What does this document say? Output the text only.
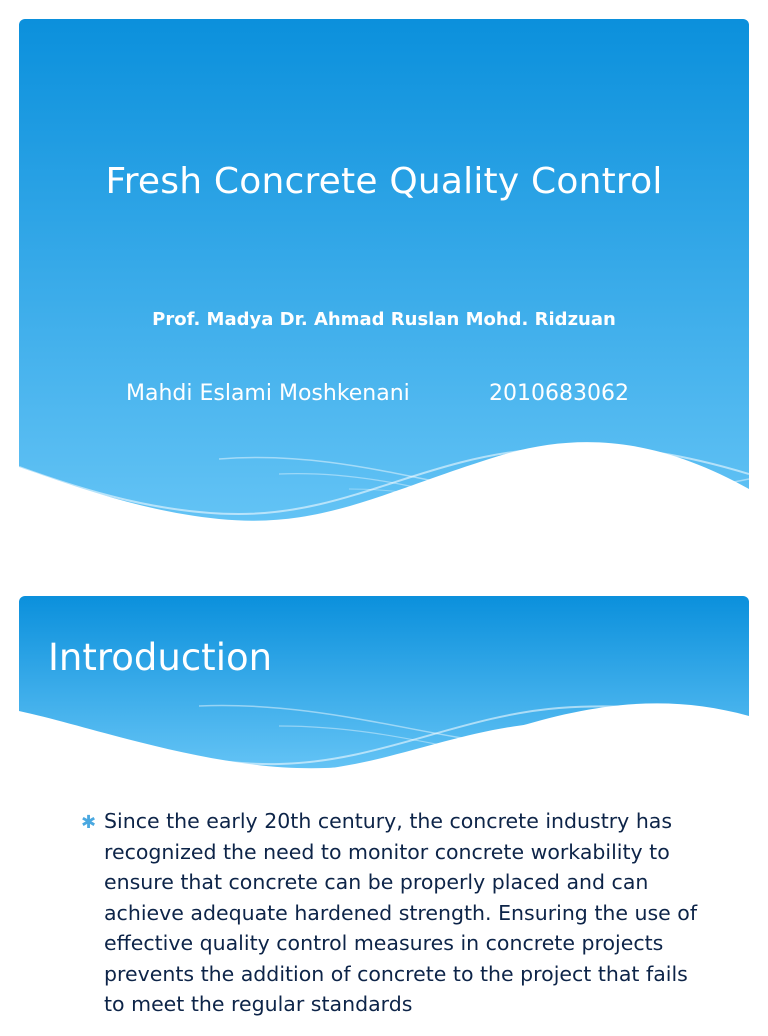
Fresh Concrete Quality Control

Prof. Madya Dr. Ahmad Ruslan Mohd. Ridzuan

Mahdi Eslami Moshkenani	2010683062

Introduction
✱ Since the early 20th century, the concrete industry has recognized the need to monitor concrete workability to ensure that concrete can be properly placed and can achieve adequate hardened strength. Ensuring the use of effective quality control measures in concrete projects prevents the addition of concrete to the project that fails to meet the regular standards
